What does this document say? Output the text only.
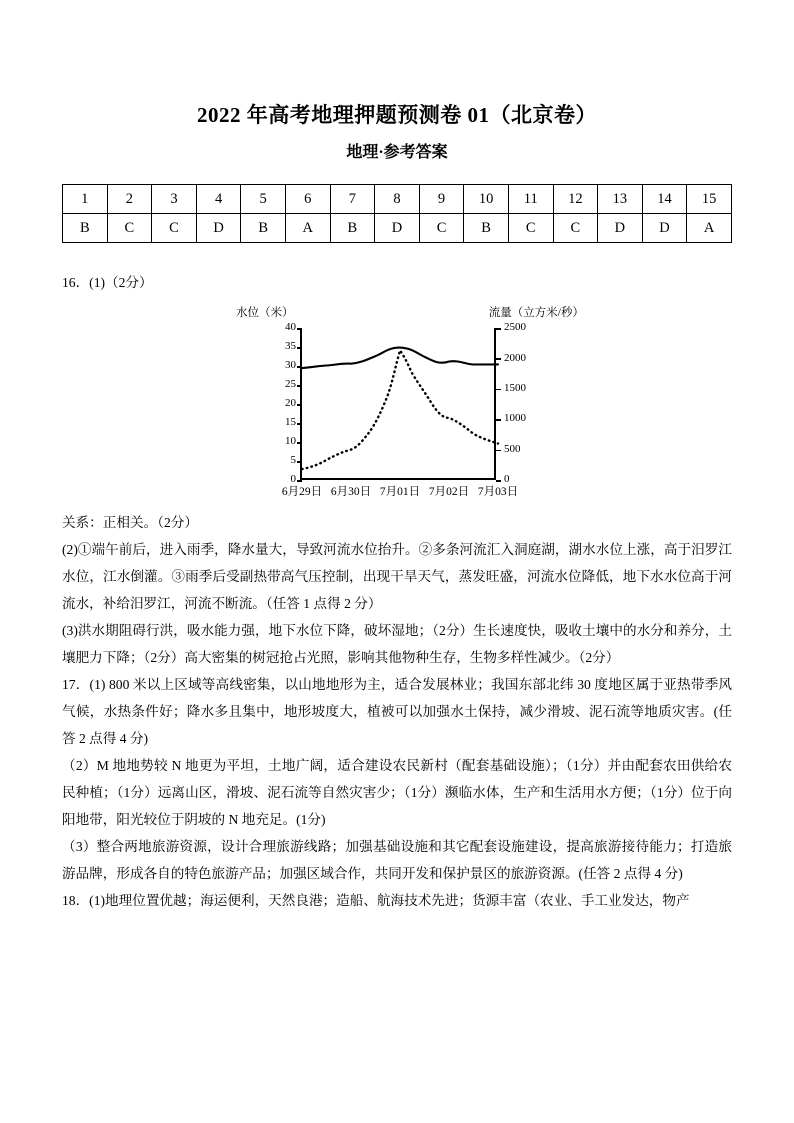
2022 年高考地理押题预测卷 01（北京卷）
地理·参考答案
1	2	3	4	5	6	7	8	9	10	11	12	13	14	15
B	C	C	D	B	A	B	D	C	B	C	C	D	D	A

16．(1)（2分）

水位（米）	流量（立方米/秒）
0
5
10
15
20
25
30
35
40
0
500
1000
1500
2000
2500
6月29日 6月30日 7月01日 7月02日 7月03日

关系：正相关。（2分）

(2)①端午前后，进入雨季，降水量大，导致河流水位抬升。②多条河流汇入洞庭湖，湖水水位上涨，高于汨罗江水位，江水倒灌。③雨季后受副热带高气压控制，出现干旱天气，蒸发旺盛，河流水位降低，地下水水位高于河流水，补给汨罗江，河流不断流。（任答 1 点得 2 分）

(3)洪水期阻碍行洪，吸水能力强，地下水位下降，破坏湿地；（2分）生长速度快，吸收土壤中的水分和养分，土壤肥力下降；（2分）高大密集的树冠抢占光照，影响其他物种生存，生物多样性减少。（2分）

17．(1) 800 米以上区域等高线密集，以山地地形为主，适合发展林业；我国东部北纬 30 度地区属于亚热带季风气候，水热条件好；降水多且集中，地形坡度大，植被可以加强水土保持，减少滑坡、泥石流等地质灾害。(任答 2 点得 4 分)

（2）M 地地势较 N 地更为平坦，土地广阔，适合建设农民新村（配套基础设施）；（1分）并由配套农田供给农民种植；（1分）远离山区，滑坡、泥石流等自然灾害少；（1分）濒临水体，生产和生活用水方便；（1分）位于向阳地带，阳光较位于阴坡的 N 地充足。(1分)

（3）整合两地旅游资源，设计合理旅游线路；加强基础设施和其它配套设施建设，提高旅游接待能力；打造旅游品牌，形成各自的特色旅游产品；加强区域合作，共同开发和保护景区的旅游资源。(任答 2 点得 4 分)

18．(1)地理位置优越；海运便利，天然良港；造船、航海技术先进；货源丰富（农业、手工业发达，物产
